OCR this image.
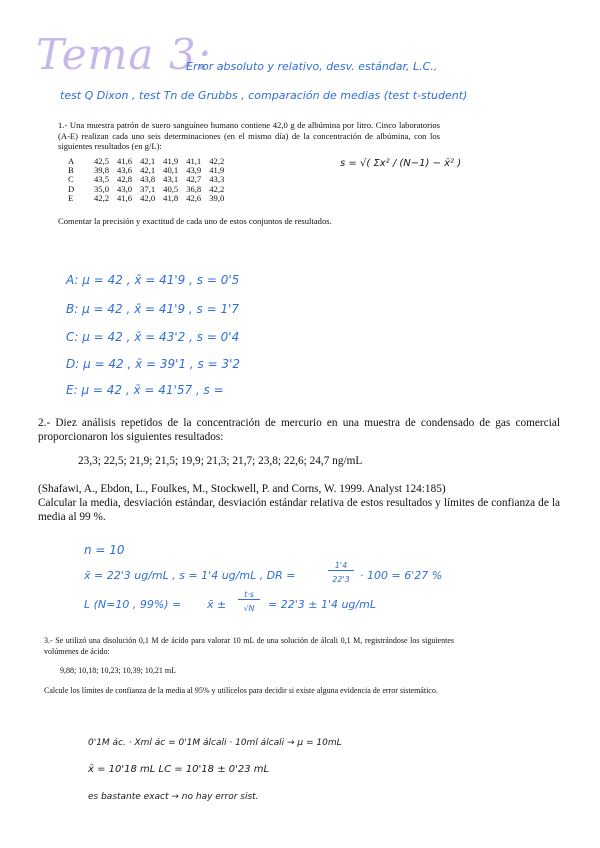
Tema 3:
Error absoluto y relativo, desv. estándar, L.C.,
test Q Dixon , test Tn de Grubbs , comparación de medias (test t-student)
1.- Una muestra patrón de suero sanguíneo humano contiene 42,0 g de albúmina por litro. Cinco laboratorios (A-E) realizan cada uno seis determinaciones (en el mismo día) de la concentración de albúmina, con los siguientes resultados (en g/L):
A	42,5	41,6	42,1	41,9	41,1	42,2
B	39,8	43,6	42,1	40,1	43,9	41,9
C	43,5	42,8	43,8	43,1	42,7	43,3
D	35,0	43,0	37,1	40,5	36,8	42,2
E	42,2	41,6	42,0	41,8	42,6	39,0
Comentar la precisión y exactitud de cada uno de estos conjuntos de resultados.
s = √( Σx² / (N−1) − x̄² )
A: μ = 42 , x̄ = 41'9 , s = 0'5
B: μ = 42 , x̄ = 41'9 , s = 1'7
C: μ = 42 , x̄ = 43'2 , s = 0'4
D: μ = 42 , x̄ = 39'1 , s = 3'2
E: μ = 42 , x̄ = 41'57 , s =
2.- Diez análisis repetidos de la concentración de mercurio en una muestra de condensado de gas comercial proporcionaron los siguientes resultados:
23,3; 22,5; 21,9; 21,5; 19,9; 21,3; 21,7; 23,8; 22,6; 24,7 ng/mL
(Shafawi, A., Ebdon, L., Foulkes, M., Stockwell, P. and Corns, W. 1999. Analyst 124:185)
Calcular la media, desviación estándar, desviación estándar relativa de estos resultados y límites de confianza de la media al 99 %.
n = 10
x̄ = 22'3 ug/mL , s = 1'4 ug/mL , DR =
1'4
22'3 · 100 = 6'27 %
L (N=10 , 99%) = x̄ ±
t·s
√N	= 22'3 ± 1'4 ug/mL
3.- Se utilizó una disolución 0,1 M de ácido para valorar 10 mL de una solución de álcali 0,1 M, registrándose los siguientes volúmenes de ácido:
9,88; 10,18; 10,23; 10,39; 10,21 mL
Calcule los límites de confianza de la media al 95% y utilícelos para decidir si existe alguna evidencia de error sistemático.
0'1M ác. · Xml ác = 0'1M álcali · 10ml álcali → μ = 10mL
x̄ = 10'18 mL LC = 10'18 ± 0'23 mL
es bastante exact → no hay error sist.
